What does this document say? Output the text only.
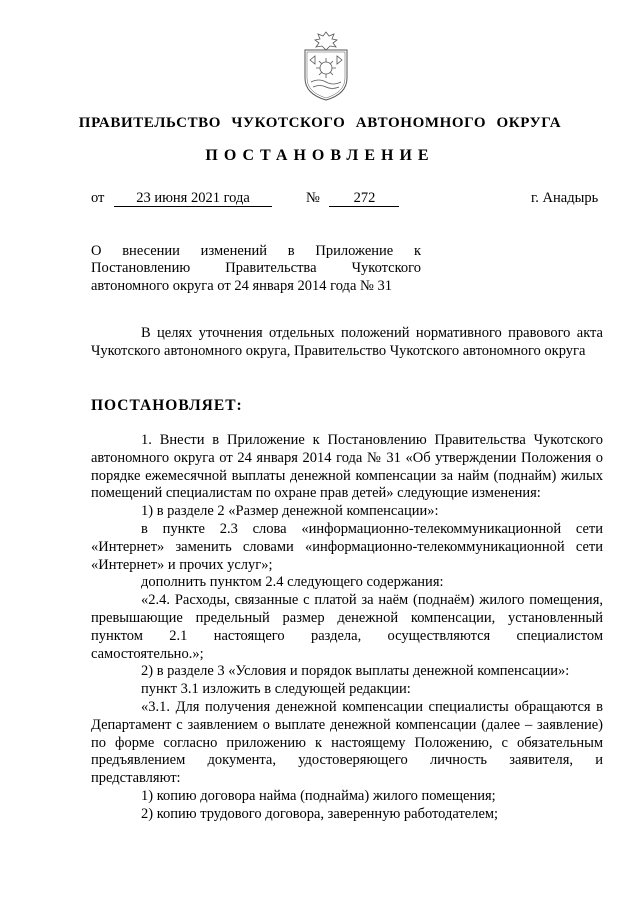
ПРАВИТЕЛЬСТВО ЧУКОТСКОГО АВТОНОМНОГО ОКРУГА
ПОСТАНОВЛЕНИЕ
от 23 июня 2021 года	№ 272	г. Анадырь
О внесении изменений в Приложение к Постановлению Правительства Чукотского автономного округа от 24 января 2014 года № 31

В целях уточнения отдельных положений нормативного правового акта Чукотского автономного округа, Правительство Чукотского автономного округа

ПОСТАНОВЛЯЕТ:

1. Внести в Приложение к Постановлению Правительства Чукотского автономного округа от 24 января 2014 года № 31 «Об утверждении Положения о порядке ежемесячной выплаты денежной компенсации за найм (поднайм) жилых помещений специалистам по охране прав детей» следующие изменения:

1) в разделе 2 «Размер денежной компенсации»:

в пункте 2.3 слова «информационно-телекоммуникационной сети «Интернет» заменить словами «информационно-телекоммуникационной сети «Интернет» и прочих услуг»;

дополнить пунктом 2.4 следующего содержания:

«2.4. Расходы, связанные с платой за наём (поднаём) жилого помещения, превышающие предельный размер денежной компенсации, установленный пунктом 2.1 настоящего раздела, осуществляются специалистом самостоятельно.»;

2) в разделе 3 «Условия и порядок выплаты денежной компенсации»:

пункт 3.1 изложить в следующей редакции:

«3.1. Для получения денежной компенсации специалисты обращаются в Департамент с заявлением о выплате денежной компенсации (далее – заявление) по форме согласно приложению к настоящему Положению, с обязательным предъявлением документа, удостоверяющего личность заявителя, и представляют:

1) копию договора найма (поднайма) жилого помещения;

2) копию трудового договора, заверенную работодателем;
